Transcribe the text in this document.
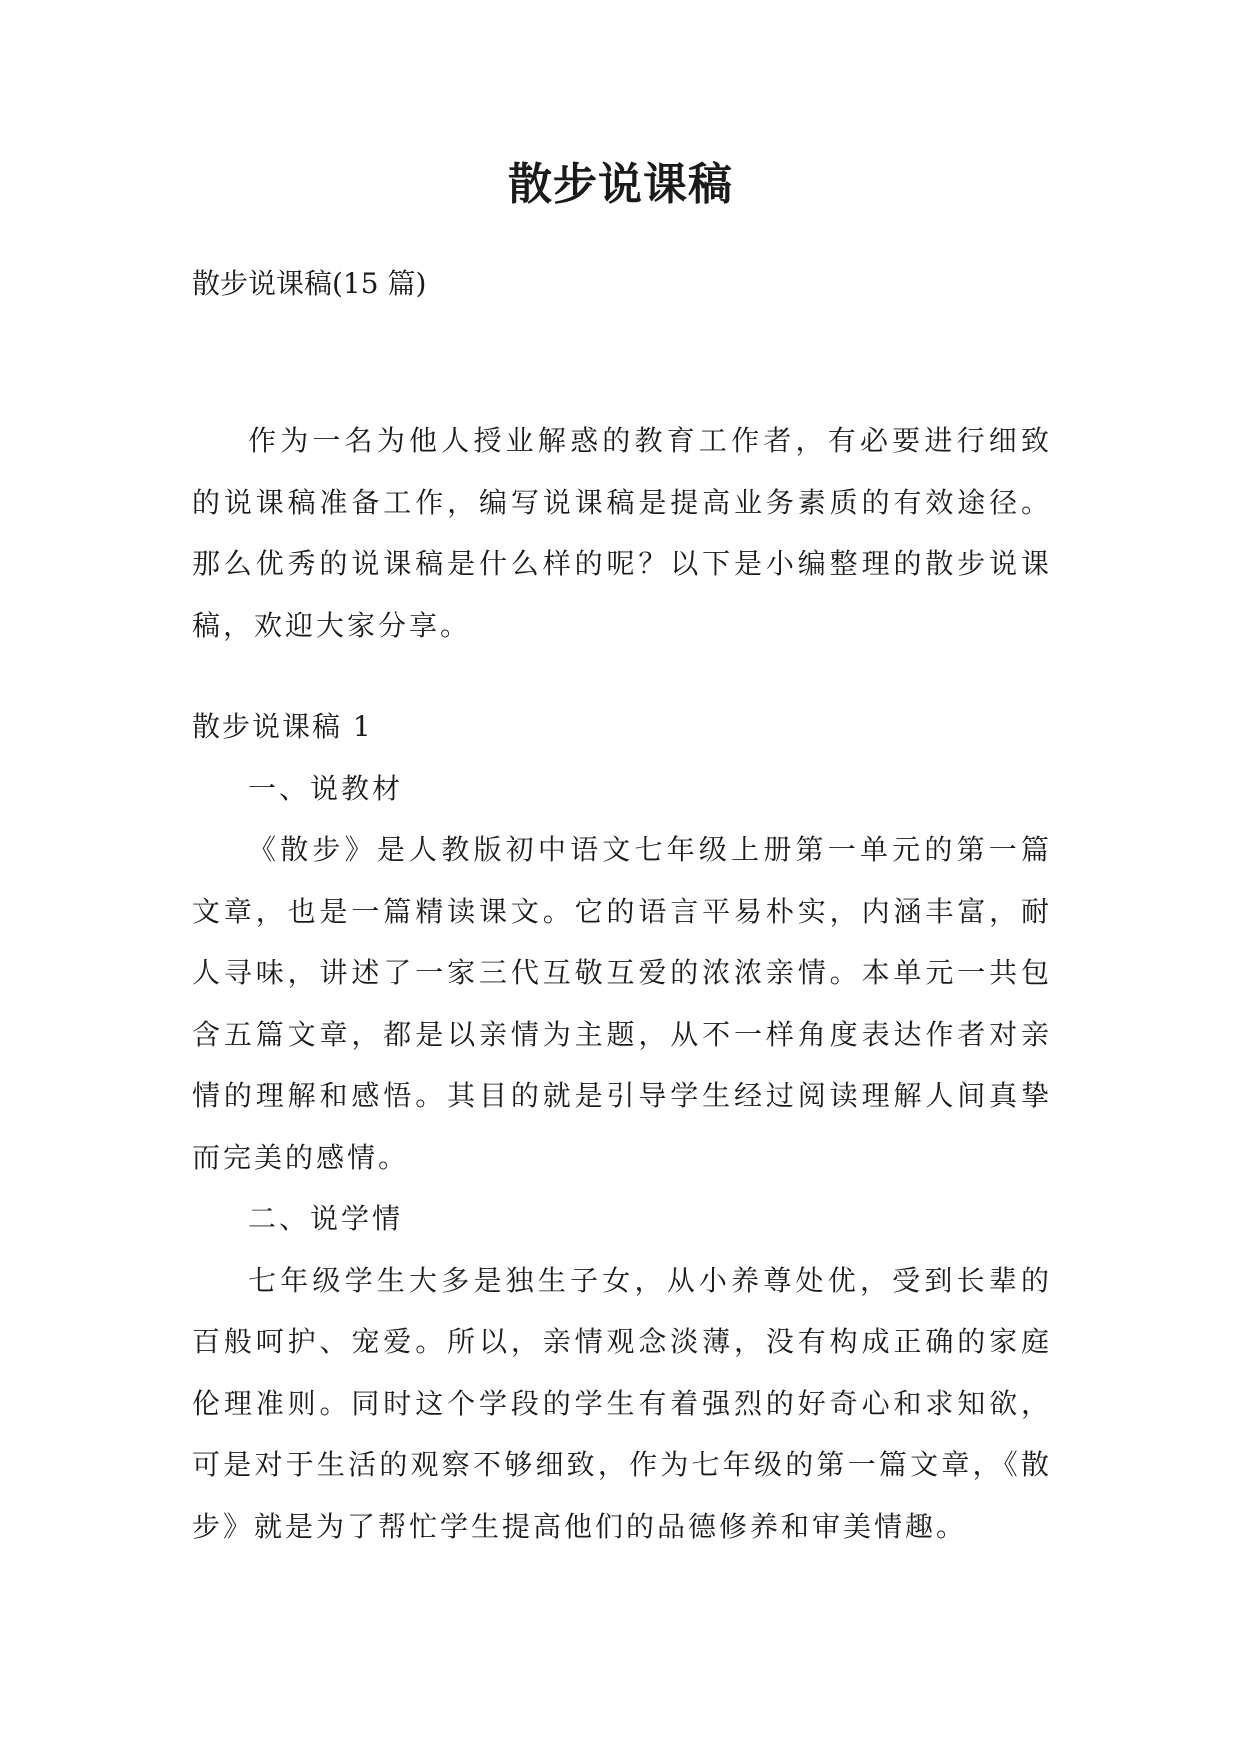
散步说课稿
散步说课稿(15 篇)

作为一名为他人授业解惑的教育工作者，有必要进行细致的说课稿准备工作，编写说课稿是提高业务素质的有效途径。那么优秀的说课稿是什么样的呢？以下是小编整理的散步说课稿，欢迎大家分享。

散步说课稿 1

一、说教材

《散步》是人教版初中语文七年级上册第一单元的第一篇文章，也是一篇精读课文。它的语言平易朴实，内涵丰富，耐人寻味，讲述了一家三代互敬互爱的浓浓亲情。本单元一共包含五篇文章，都是以亲情为主题，从不一样角度表达作者对亲情的理解和感悟。其目的就是引导学生经过阅读理解人间真挚而完美的感情。

二、说学情

七年级学生大多是独生子女，从小养尊处优，受到长辈的百般呵护、宠爱。所以，亲情观念淡薄，没有构成正确的家庭伦理准则。同时这个学段的学生有着强烈的好奇心和求知欲，可是对于生活的观察不够细致，作为七年级的第一篇文章，《散步》就是为了帮忙学生提高他们的品德修养和审美情趣。
